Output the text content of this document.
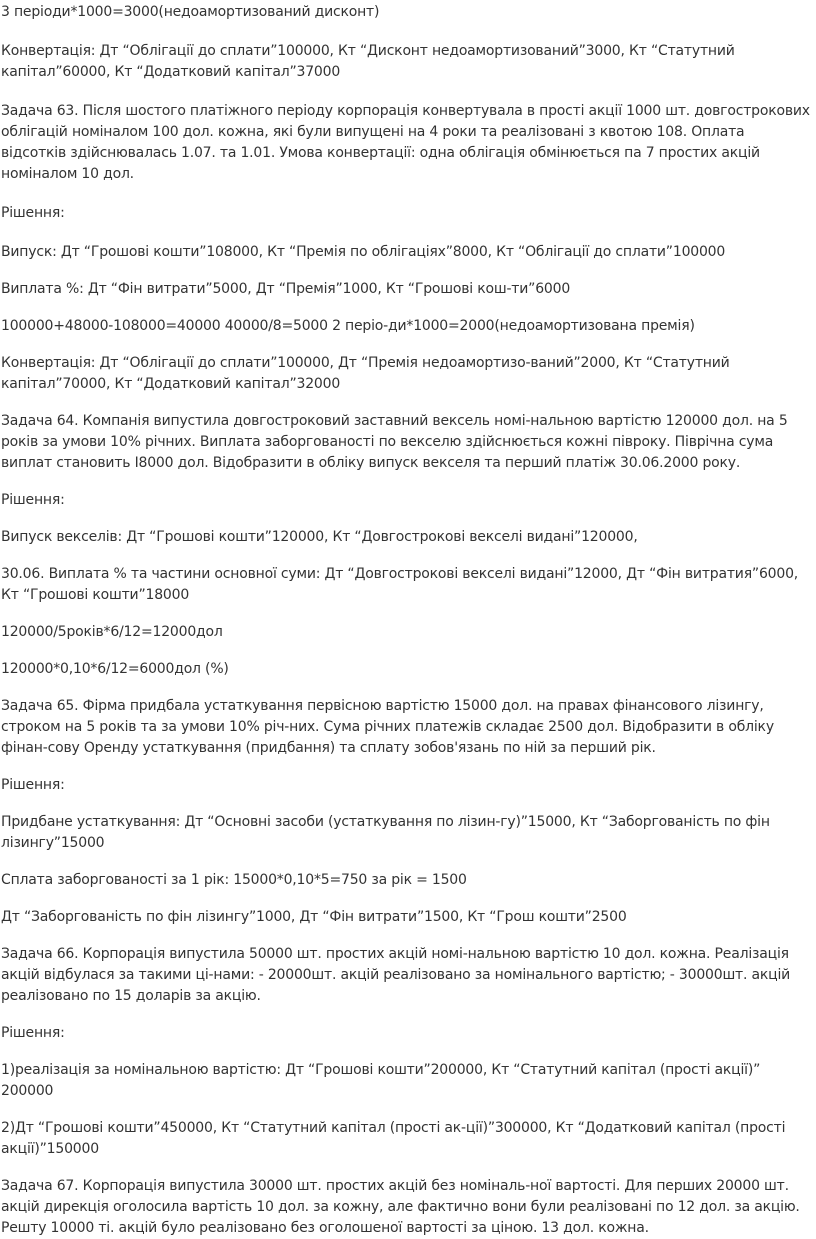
3 періоди*1000=3000(недоамортизований дисконт)

Конвертація: Дт “Облігації до сплати”100000, Кт “Дисконт недоамортизований”3000, Кт “Статутний капітал”60000, Кт “Додатковий капітал”37000

Задача 63. Після шостого платіжного періоду корпорація конвертувала в прості акції 1000 шт. довгострокових облігацій номіналом 100 дол. кожна, які були випущені на 4 роки та реалізовані з квотою 108. Оплата відсотків здійснювалась 1.07. та 1.01. Умова конвертації: одна облігація обмінюється па 7 простих акцій номіналом 10 дол.

Рішення:

Випуск: Дт “Грошові кошти”108000, Кт “Премія по облігаціях”8000, Кт “Облігації до сплати”100000

Виплата %: Дт “Фін витрати”5000, Дт “Премія”1000, Кт “Грошові кош-ти”6000

100000+48000-108000=40000 40000/8=5000 2 періо-ди*1000=2000(недоамортизована премія)

Конвертація: Дт “Облігації до сплати”100000, Дт “Премія недоамортизо-ваний”2000, Кт “Статутний капітал”70000, Кт “Додатковий капітал”32000

Задача 64. Компанія випустила довгостроковий заставний вексель номі-нальною вартістю 120000 дол. на 5 років за умови 10% річних. Виплата заборгованості по векселю здійснюється кожні півроку. Піврічна сума виплат становить I8000 дол. Відобразити в обліку випуск векселя та перший платіж 30.06.2000 року.

Рішення:

Випуск векселів: Дт “Грошові кошти”120000, Кт “Довгострокові векселі видані”120000,

30.06. Виплата % та частини основної суми: Дт “Довгострокові векселі видані”12000, Дт “Фін витратия”6000, Кт “Грошові кошти”18000

120000/5років*6/12=12000дол

120000*0,10*6/12=6000дол (%)

Задача 65. Фірма придбала устаткування первісною вартістю 15000 дол. на правах фінансового лізингу, строком на 5 років та за умови 10% річ-них. Сума річних платежів складає 2500 дол. Відобразити в обліку фінан-сову Оренду устаткування (придбання) та сплату зобов'язань по ній за перший рік.

Рішення:

Придбане устаткування: Дт “Основні засоби (устаткування по лізин-гу)”15000, Кт “Заборгованість по фін лізингу”15000

Сплата заборгованості за 1 рік: 15000*0,10*5=750 за рік = 1500

Дт “Заборгованість по фін лізингу”1000, Дт “Фін витрати”1500, Кт “Грош кошти”2500

Задача 66. Корпорація випустила 50000 шт. простих акцій номі-нальною вартістю 10 дол. кожна. Реалізація акцій відбулася за такими ці-нами: - 20000шт. акцій реалізовано за номінального вартістю; - 30000шт. акцій реалізовано по 15 доларів за акцію.

Рішення:

1)реалізація за номінальною вартістю: Дт “Грошові кошти”200000, Кт “Статутний капітал (прості акції)” 200000

2)Дт “Грошові кошти”450000, Кт “Статутний капітал (прості ак-ції)”300000, Кт “Додатковий капітал (прості акції)”150000

Задача 67. Корпорація випустила 30000 шт. простих акцій без номіналь-ної вартості. Для перших 20000 шт. акцій дирекція оголосила вартість 10 дол. за кожну, але фактично вони були реалізовані по 12 дол. за акцію. Решту 10000 ті. акцій було реалізовано без оголошеної вартості за ціною. 13 дол. кожна.
